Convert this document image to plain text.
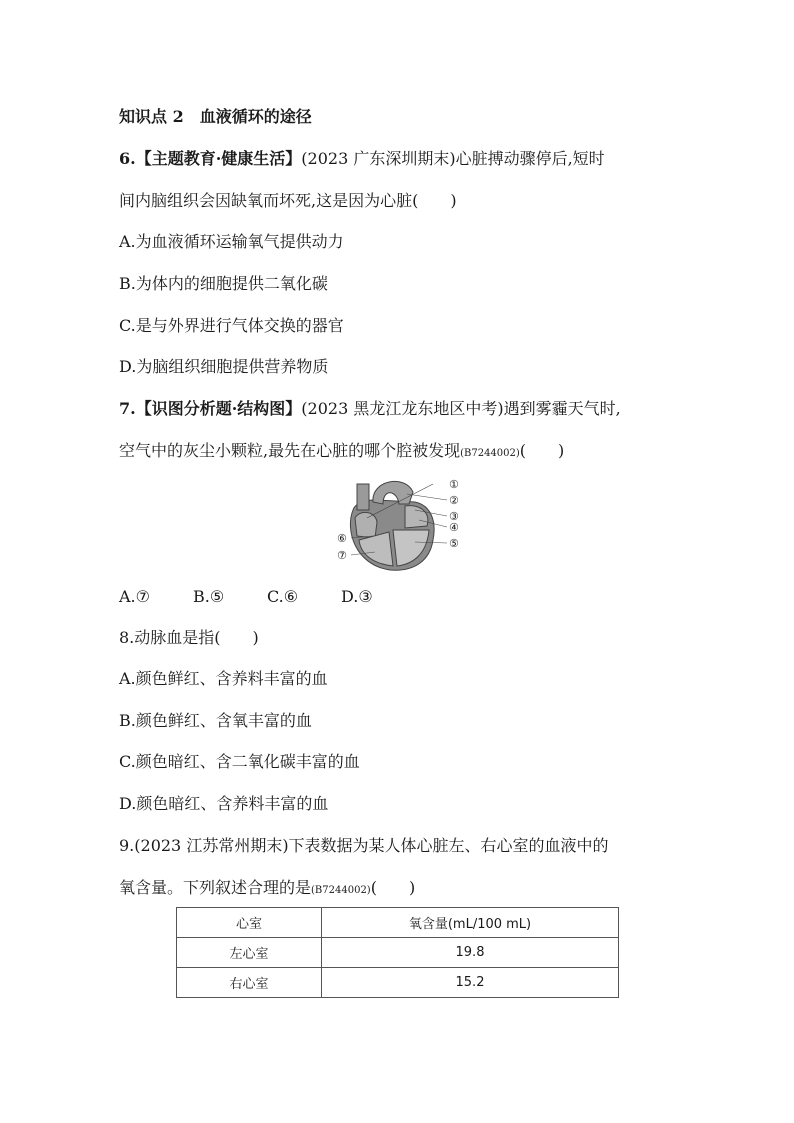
知识点 2　血液循环的途径
6.【主题教育·健康生活】(2023 广东深圳期末)心脏搏动骤停后,短时
间内脑组织会因缺氧而坏死,这是因为心脏(　　)
A.为血液循环运输氧气提供动力
B.为体内的细胞提供二氧化碳
C.是与外界进行气体交换的器官
D.为脑组织细胞提供营养物质
7.【识图分析题·结构图】(2023 黑龙江龙东地区中考)遇到雾霾天气时,
空气中的灰尘小颗粒,最先在心脏的哪个腔被发现(B7244002)(　　)
①
②
③
④
⑤
⑥
⑦
A.⑦	B.⑤	C.⑥	D.③
8.动脉血是指(　　)
A.颜色鲜红、含养料丰富的血
B.颜色鲜红、含氧丰富的血
C.颜色暗红、含二氧化碳丰富的血
D.颜色暗红、含养料丰富的血
9.(2023 江苏常州期末)下表数据为某人体心脏左、右心室的血液中的
氧含量。下列叙述合理的是(B7244002)(　　)
心室	氧含量(mL/100 mL)
左心室	19.8
右心室	15.2
